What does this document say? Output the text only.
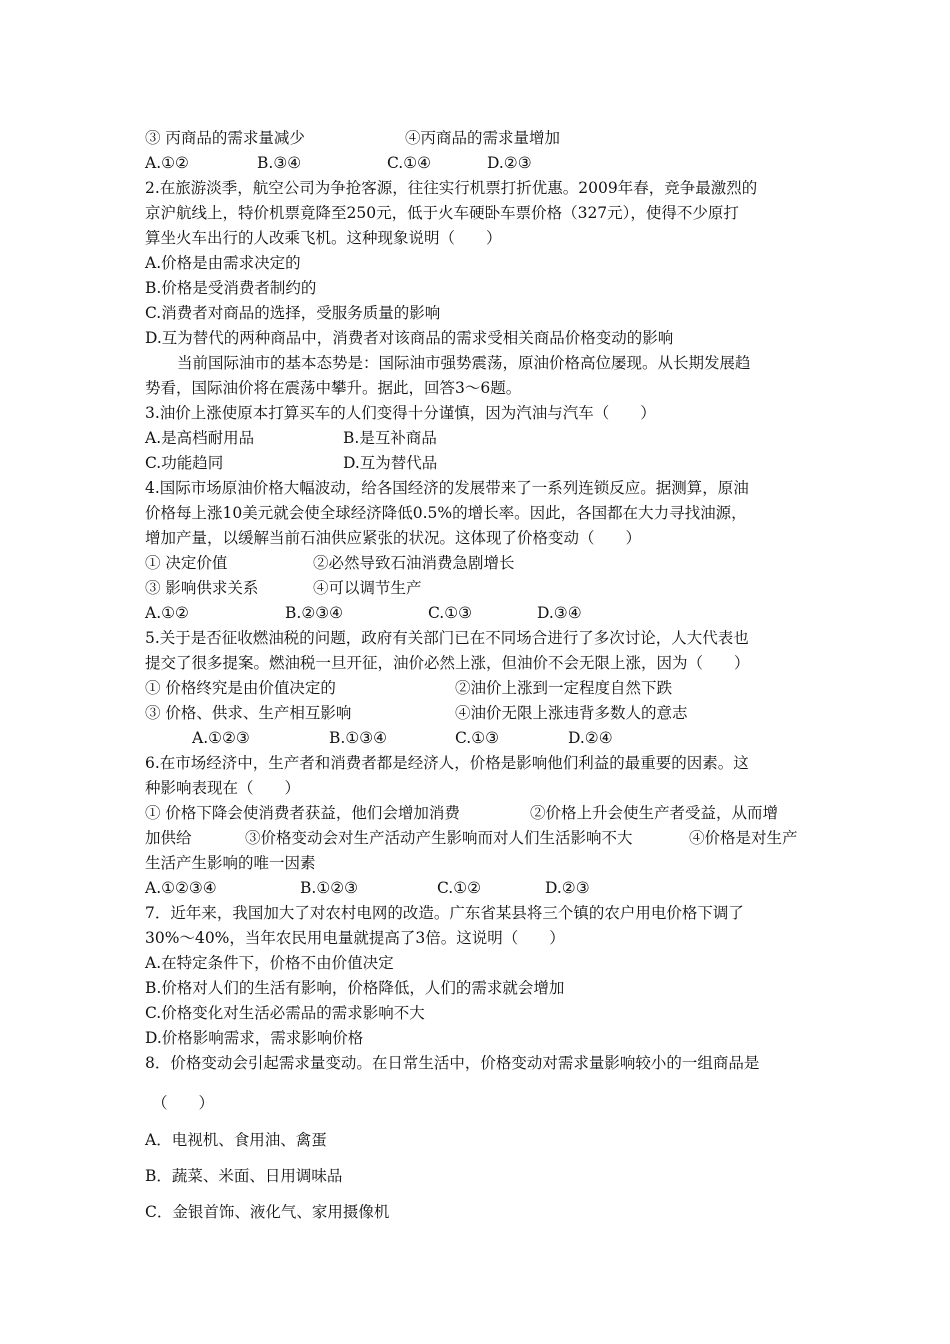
③ 丙商品的需求量减少	④丙商品的需求量增加
A.①②	B.③④	C.①④	D.②③
2.在旅游淡季，航空公司为争抢客源，往往实行机票打折优惠。2009年春，竞争最激烈的
京沪航线上，特价机票竟降至250元，低于火车硬卧车票价格（327元），使得不少原打
算坐火车出行的人改乘飞机。这种现象说明（　　）
A.价格是由需求决定的
B.价格是受消费者制约的
C.消费者对商品的选择，受服务质量的影响
D.互为替代的两种商品中，消费者对该商品的需求受相关商品价格变动的影响
当前国际油市的基本态势是：国际油市强势震荡，原油价格高位屡现。从长期发展趋
势看，国际油价将在震荡中攀升。据此，回答3～6题。
3.油价上涨使原本打算买车的人们变得十分谨慎，因为汽油与汽车（　　）
A.是高档耐用品	B.是互补商品
C.功能趋同	D.互为替代品
4.国际市场原油价格大幅波动，给各国经济的发展带来了一系列连锁反应。据测算，原油
价格每上涨10美元就会使全球经济降低0.5%的增长率。因此，各国都在大力寻找油源，
增加产量，以缓解当前石油供应紧张的状况。这体现了价格变动（　　）
① 决定价值	②必然导致石油消费急剧增长
③ 影响供求关系	④可以调节生产
A.①②	B.②③④	C.①③	D.③④
5.关于是否征收燃油税的问题，政府有关部门已在不同场合进行了多次讨论，人大代表也
提交了很多提案。燃油税一旦开征，油价必然上涨，但油价不会无限上涨，因为（　　）
① 价格终究是由价值决定的	②油价上涨到一定程度自然下跌
③ 价格、供求、生产相互影响	④油价无限上涨违背多数人的意志
A.①②③	B.①③④	C.①③	D.②④
6.在市场经济中，生产者和消费者都是经济人，价格是影响他们利益的最重要的因素。这
种影响表现在（　　）
① 价格下降会使消费者获益，他们会增加消费	②价格上升会使生产者受益，从而增
加供给	③价格变动会对生产活动产生影响而对人们生活影响不大	④价格是对生产
生活产生影响的唯一因素
A.①②③④	B.①②③	C.①②	D.②③
7．近年来，我国加大了对农村电网的改造。广东省某县将三个镇的农户用电价格下调了
30%～40%，当年农民用电量就提高了3倍。这说明（　　）
A.在特定条件下，价格不由价值决定
B.价格对人们的生活有影响，价格降低，人们的需求就会增加
C.价格变化对生活必需品的需求影响不大
D.价格影响需求，需求影响价格
8．价格变动会引起需求量变动。在日常生活中，价格变动对需求量影响较小的一组商品是
（　　）
A．电视机、食用油、禽蛋
B．蔬菜、米面、日用调味品
C．金银首饰、液化气、家用摄像机
